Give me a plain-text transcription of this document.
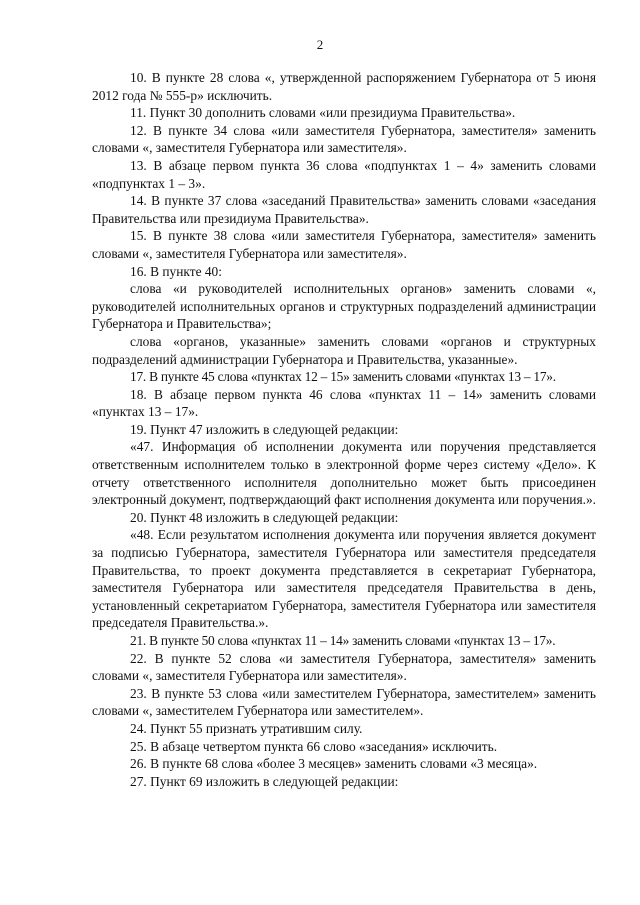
2

10. В пункте 28 слова «, утвержденной распоряжением Губернатора от 5 июня 2012 года № 555-р» исключить.

11. Пункт 30 дополнить словами «или президиума Правительства».

12. В пункте 34 слова «или заместителя Губернатора, заместителя» заменить словами «, заместителя Губернатора или заместителя».

13. В абзаце первом пункта 36 слова «подпунктах 1 – 4» заменить словами «подпунктах 1 – 3».

14. В пункте 37 слова «заседаний Правительства» заменить словами «заседания Правительства или президиума Правительства».

15. В пункте 38 слова «или заместителя Губернатора, заместителя» заменить словами «, заместителя Губернатора или заместителя».

16. В пункте 40:

слова «и руководителей исполнительных органов» заменить словами «, руководителей исполнительных органов и структурных подразделений администрации Губернатора и Правительства»;

слова «органов, указанные» заменить словами «органов и структурных подразделений администрации Губернатора и Правительства, указанные».

17. В пункте 45 слова «пунктах 12 – 15» заменить словами «пунктах 13 – 17».

18. В абзаце первом пункта 46 слова «пунктах 11 – 14» заменить словами «пунктах 13 – 17».

19. Пункт 47 изложить в следующей редакции:

«47. Информация об исполнении документа или поручения представляется ответственным исполнителем только в электронной форме через систему «Дело». К отчету ответственного исполнителя дополнительно может быть присоединен электронный документ, подтверждающий факт исполнения документа или поручения.».

20. Пункт 48 изложить в следующей редакции:

«48. Если результатом исполнения документа или поручения является документ за подписью Губернатора, заместителя Губернатора или заместителя председателя Правительства, то проект документа представляется в секретариат Губернатора, заместителя Губернатора или заместителя председателя Правительства в день, установленный секретариатом Губернатора, заместителя Губернатора или заместителя председателя Правительства.».

21. В пункте 50 слова «пунктах 11 – 14» заменить словами «пунктах 13 – 17».

22. В пункте 52 слова «и заместителя Губернатора, заместителя» заменить словами «, заместителя Губернатора или заместителя».

23. В пункте 53 слова «или заместителем Губернатора, заместителем» заменить словами «, заместителем Губернатора или заместителем».

24. Пункт 55 признать утратившим силу.

25. В абзаце четвертом пункта 66 слово «заседания» исключить.

26. В пункте 68 слова «более 3 месяцев» заменить словами «3 месяца».

27. Пункт 69 изложить в следующей редакции:
